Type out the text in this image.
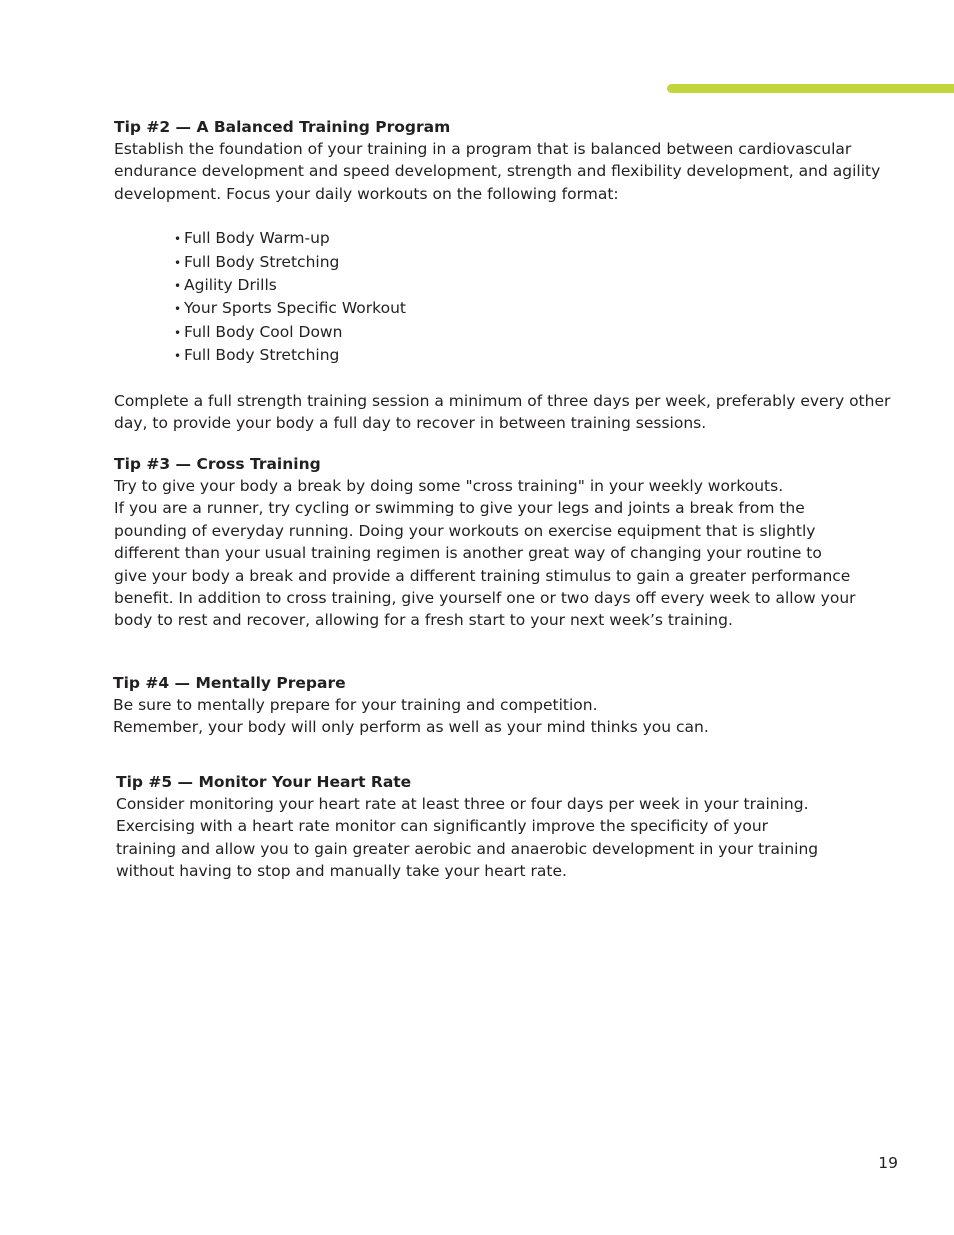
Tip #2 — A Balanced Training Program

Establish the foundation of your training in a program that is balanced between cardiovascular

endurance development and speed development, strength and flexibility development, and agility

development. Focus your daily workouts on the following format:

• Full Body Warm-up
• Full Body Stretching
• Agility Drills
• Your Sports Specific Workout
• Full Body Cool Down
• Full Body Stretching

Complete a full strength training session a minimum of three days per week, preferably every other

day, to provide your body a full day to recover in between training sessions.

Tip #3 — Cross Training

Try to give your body a break by doing some "cross training" in your weekly workouts.

If you are a runner, try cycling or swimming to give your legs and joints a break from the

pounding of everyday running. Doing your workouts on exercise equipment that is slightly

different than your usual training regimen is another great way of changing your routine to

give your body a break and provide a different training stimulus to gain a greater performance

benefit. In addition to cross training, give yourself one or two days off every week to allow your

body to rest and recover, allowing for a fresh start to your next week’s training.

Tip #4 — Mentally Prepare

Be sure to mentally prepare for your training and competition.

Remember, your body will only perform as well as your mind thinks you can.

Tip #5 — Monitor Your Heart Rate

Consider monitoring your heart rate at least three or four days per week in your training.

Exercising with a heart rate monitor can significantly improve the specificity of your

training and allow you to gain greater aerobic and anaerobic development in your training

without having to stop and manually take your heart rate.

19
